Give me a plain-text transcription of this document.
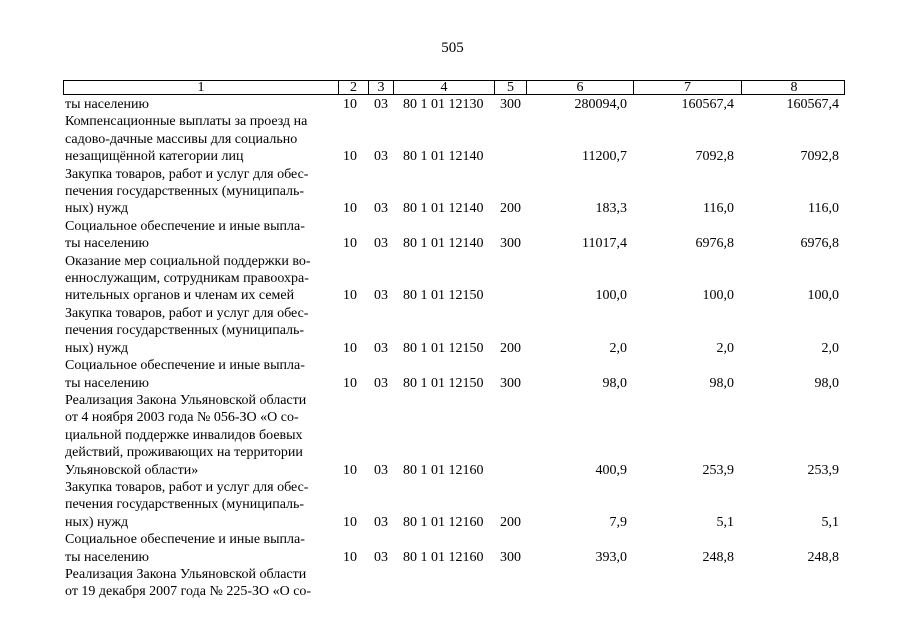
505
1	2	3	4	5	6	7	8
ты населению	10 03 80 1 01 12130 300	280094,0	160567,4	160567,4
Компенсационные выплаты за проезд на
садово-дачные массивы для социально
незащищённой категории лиц	10 03 80 1 01 12140	11200,7	7092,8	7092,8
Закупка товаров, работ и услуг для обес-
печения государственных (муниципаль-
ных) нужд	10 03 80 1 01 12140 200	183,3	116,0	116,0
Социальное обеспечение и иные выпла-
ты населению	10 03 80 1 01 12140 300	11017,4	6976,8	6976,8
Оказание мер социальной поддержки во-
еннослужащим, сотрудникам правоохра-
нительных органов и членам их семей	10 03 80 1 01 12150	100,0	100,0	100,0
Закупка товаров, работ и услуг для обес-
печения государственных (муниципаль-
ных) нужд	10 03 80 1 01 12150 200	2,0	2,0	2,0
Социальное обеспечение и иные выпла-
ты населению	10 03 80 1 01 12150 300	98,0	98,0	98,0
Реализация Закона Ульяновской области
от 4 ноября 2003 года № 056-ЗО «О со-
циальной поддержке инвалидов боевых
действий, проживающих на территории
Ульяновской области»	10 03 80 1 01 12160	400,9	253,9	253,9
Закупка товаров, работ и услуг для обес-
печения государственных (муниципаль-
ных) нужд	10 03 80 1 01 12160 200	7,9	5,1	5,1
Социальное обеспечение и иные выпла-
ты населению	10 03 80 1 01 12160 300	393,0	248,8	248,8
Реализация Закона Ульяновской области
от 19 декабря 2007 года № 225-ЗО «О со-
